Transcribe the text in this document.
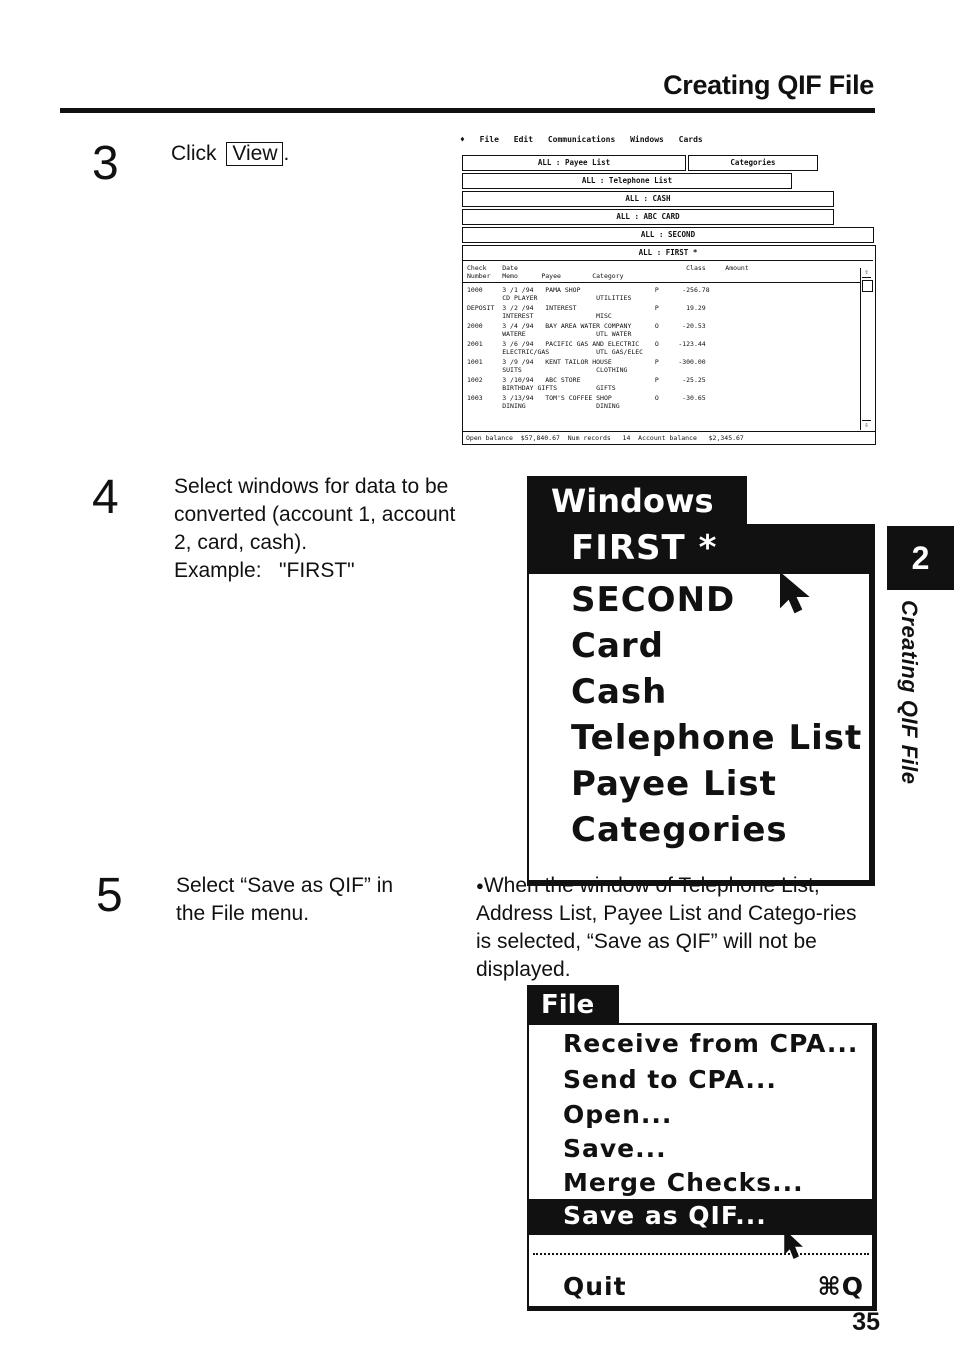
Creating QIF File
3 Click View .
♦ File Edit Communications Windows Cards
ALL : Payee List	Categories
ALL : Telephone List
ALL : CASH
ALL : ABC CARD
ALL : SECOND
ALL : FIRST *
Check    Date                                           Class     Amount
Number   Memo      Payee        Category
1000     3 /1 /94   PAMA SHOP                   P      -256.78
CD PLAYER               UTILITIES
DEPOSIT  3 /2 /94   INTEREST                    P       19.29
INTEREST                MISC
2000     3 /4 /94   BAY AREA WATER COMPANY      O      -20.53
WATERE                  UTL WATER
2001     3 /6 /94   PACIFIC GAS AND ELECTRIC    O     -123.44
ELECTRIC/GAS            UTL GAS/ELEC
1001     3 /9 /94   KENT TAILOR HOUSE           P     -300.00
SUITS                   CLOTHING
1002     3 /10/94   ABC STORE                   P      -25.25
BIRTHDAY GIFTS          GIFTS
1003     3 /13/94   TOM'S COFFEE SHOP           O      -30.65
DINING                  DINING
⇧
⇩
Open balance  $57,840.67  Num records   14  Account balance   $2,345.67
4	Select windows for data to be
converted (account 1, account
2, card, cash).
Example:   "FIRST"
Windows
FIRST *
SECOND
Card
Cash
Telephone List
Payee List
Categories
2
Creating QIF File
5	Select “Save as QIF” in
the File menu.
●When the window of Telephone List, Address List, Payee List and Catego-ries is selected, “Save as QIF” will not be displayed.
File
Receive from CPA...
Send to CPA...
Open...
Save...
Merge Checks...
Save as QIF...
Quit	⌘Q
35
